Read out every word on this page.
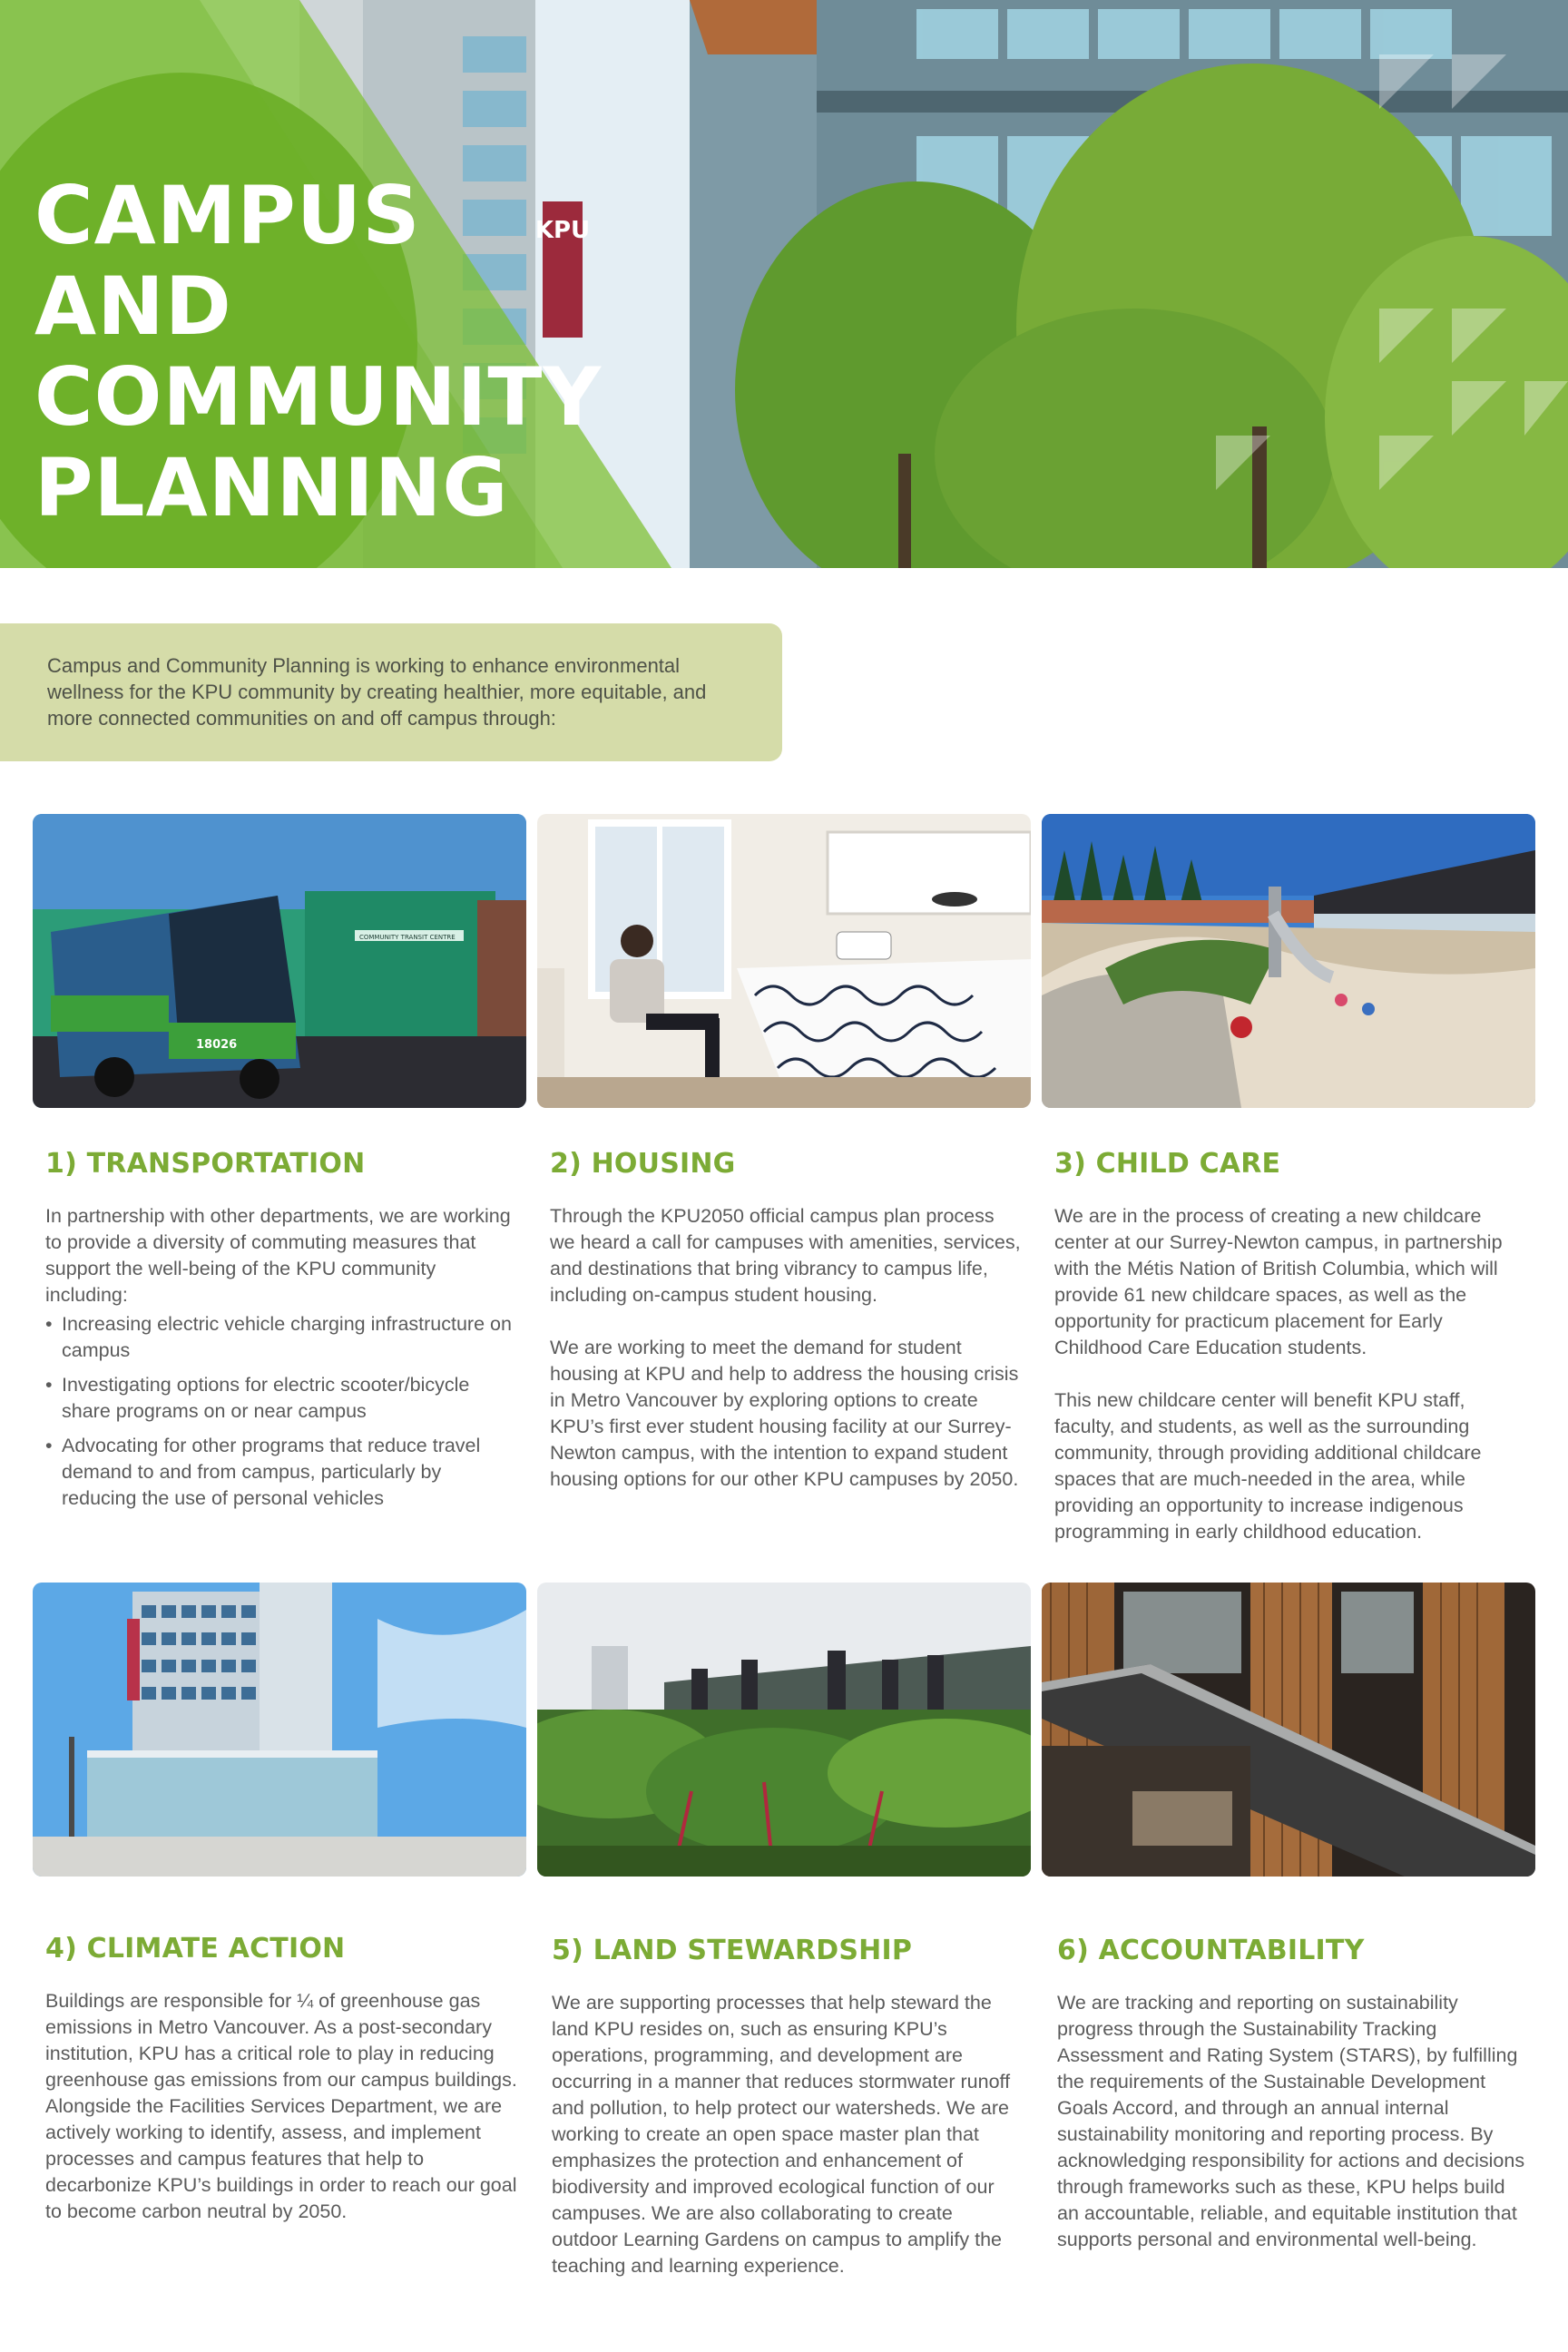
KPU
CAMPUS
AND
COMMUNITY
PLANNING

Campus and Community Planning is working to enhance environmental wellness for the KPU community by creating healthier, more equitable, and more connected communities on and off campus through:

18026
COMMUNITY TRANSIT CENTRE
1) TRANSPORTATION

In partnership with other departments, we are working to provide a diversity of commuting measures that support the well-being of the KPU community including:

• Increasing electric vehicle charging infrastructure on campus
• Investigating options for electric scooter/bicycle share programs on or near campus
• Advocating for other programs that reduce travel demand to and from campus, particularly by reducing the use of personal vehicles
2) HOUSING

Through the KPU2050 official campus plan process we heard a call for campuses with amenities, services, and destinations that bring vibrancy to campus life, including on-campus student housing.

We are working to meet the demand for student housing at KPU and help to address the housing crisis in Metro Vancouver by exploring options to create KPU’s first ever student housing facility at our Surrey-Newton campus, with the intention to expand student housing options for our other KPU campuses by 2050.

3) CHILD CARE

We are in the process of creating a new childcare center at our Surrey-Newton campus, in partnership with the Métis Nation of British Columbia, which will provide 61 new childcare spaces, as well as the opportunity for practicum placement for Early Childhood Care Education students.

This new childcare center will benefit KPU staff, faculty, and students, as well as the surrounding community, through providing additional childcare spaces that are much-needed in the area, while providing an opportunity to increase indigenous programming in early childhood education.

4) CLIMATE ACTION

Buildings are responsible for ¼ of greenhouse gas emissions in Metro Vancouver. As a post-secondary institution, KPU has a critical role to play in reducing greenhouse gas emissions from our campus buildings. Alongside the Facilities Services Department, we are actively working to identify, assess, and implement processes and campus features that help to decarbonize KPU’s buildings in order to reach our goal to become carbon neutral by 2050.

5) LAND STEWARDSHIP

We are supporting processes that help steward the land KPU resides on, such as ensuring KPU’s operations, programming, and development are occurring in a manner that reduces stormwater runoff and pollution, to help protect our watersheds. We are working to create an open space master plan that emphasizes the protection and enhancement of biodiversity and improved ecological function of our campuses. We are also collaborating to create outdoor Learning Gardens on campus to amplify the teaching and learning experience.

6) ACCOUNTABILITY

We are tracking and reporting on sustainability progress through the Sustainability Tracking Assessment and Rating System (STARS), by fulfilling the requirements of the Sustainable Development Goals Accord, and through an annual internal sustainability monitoring and reporting process. By acknowledging responsibility for actions and decisions through frameworks such as these, KPU helps build an accountable, reliable, and equitable institution that supports personal and environmental well-being.
